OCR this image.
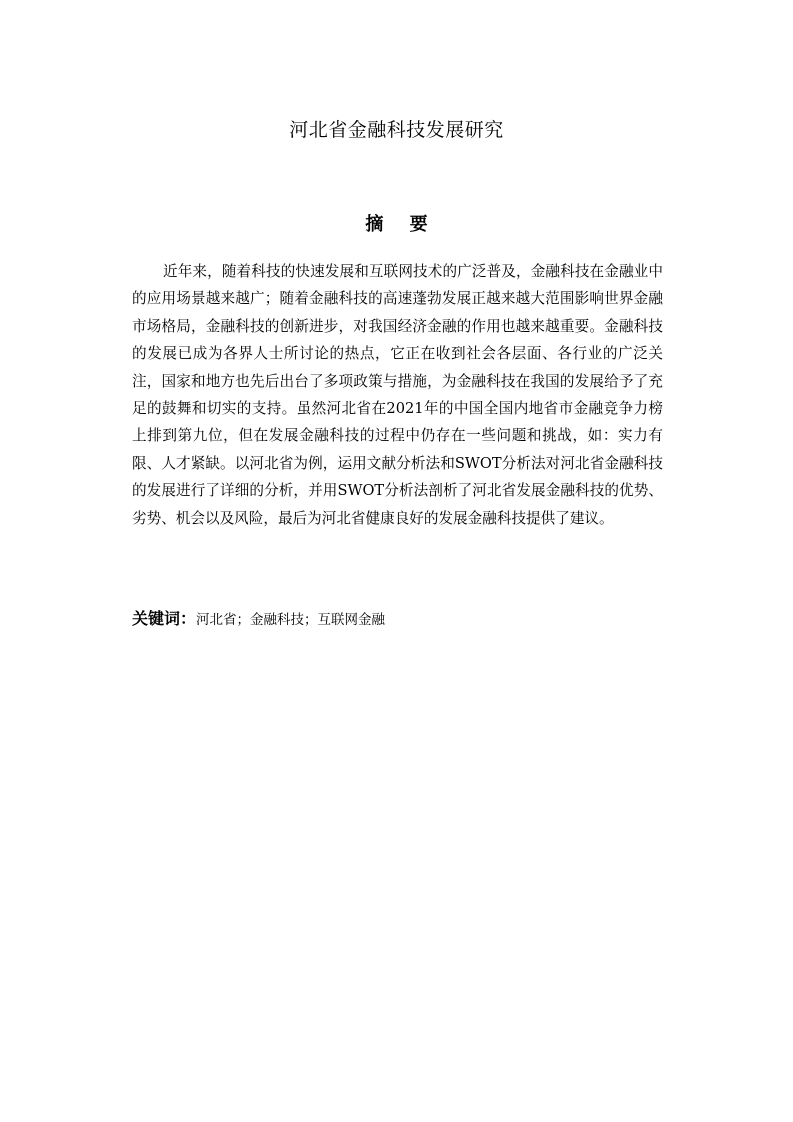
河北省金融科技发展研究
摘 要

近年来，随着科技的快速发展和互联网技术的广泛普及，金融科技在金融业中的应用场景越来越广；随着金融科技的高速蓬勃发展正越来越大范围影响世界金融市场格局，金融科技的创新进步，对我国经济金融的作用也越来越重要。金融科技的发展已成为各界人士所讨论的热点，它正在收到社会各层面、各行业的广泛关注，国家和地方也先后出台了多项政策与措施，为金融科技在我国的发展给予了充足的鼓舞和切实的支持。虽然河北省在2021年的中国全国内地省市金融竞争力榜上排到第九位，但在发展金融科技的过程中仍存在一些问题和挑战，如：实力有限、人才紧缺。以河北省为例，运用文献分析法和SWOT分析法对河北省金融科技的发展进行了详细的分析，并用SWOT分析法剖析了河北省发展金融科技的优势、劣势、机会以及风险，最后为河北省健康良好的发展金融科技提供了建议。

关键词：河北省；金融科技；互联网金融
